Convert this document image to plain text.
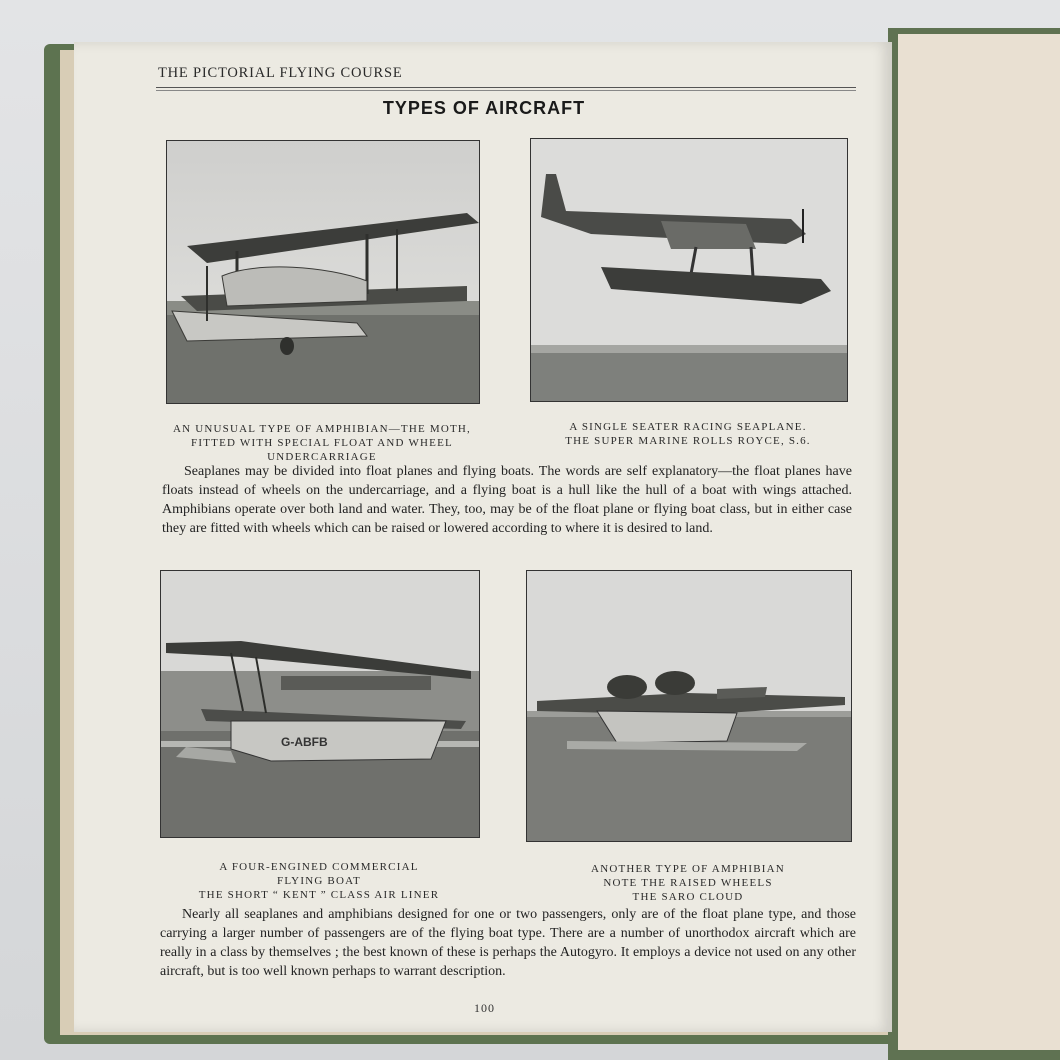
THE PICTORIAL FLYING COURSE
TYPES OF AIRCRAFT
AN UNUSUAL TYPE OF AMPHIBIAN—THE MOTH,
FITTED WITH SPECIAL FLOAT AND WHEEL
UNDERCARRIAGE
A SINGLE SEATER RACING SEAPLANE.
THE SUPER MARINE ROLLS ROYCE, S.6.

Seaplanes may be divided into float planes and flying boats. The words are self explanatory—the float planes have floats instead of wheels on the undercarriage, and a flying boat is a hull like the hull of a boat with wings attached. Amphibians operate over both land and water. They, too, may be of the float plane or flying boat class, but in either case they are fitted with wheels which can be raised or lowered according to where it is desired to land.

G-ABFB
A FOUR-ENGINED COMMERCIAL
FLYING BOAT
THE SHORT “ KENT ” CLASS AIR LINER
ANOTHER TYPE OF AMPHIBIAN
NOTE THE RAISED WHEELS
THE SARO CLOUD

Nearly all seaplanes and amphibians designed for one or two passengers, only are of the float plane type, and those carrying a larger number of passengers are of the flying boat type. There are a number of unorthodox aircraft which are really in a class by themselves ; the best known of these is perhaps the Autogyro. It employs a device not used on any other aircraft, but is too well known perhaps to warrant description.

100
